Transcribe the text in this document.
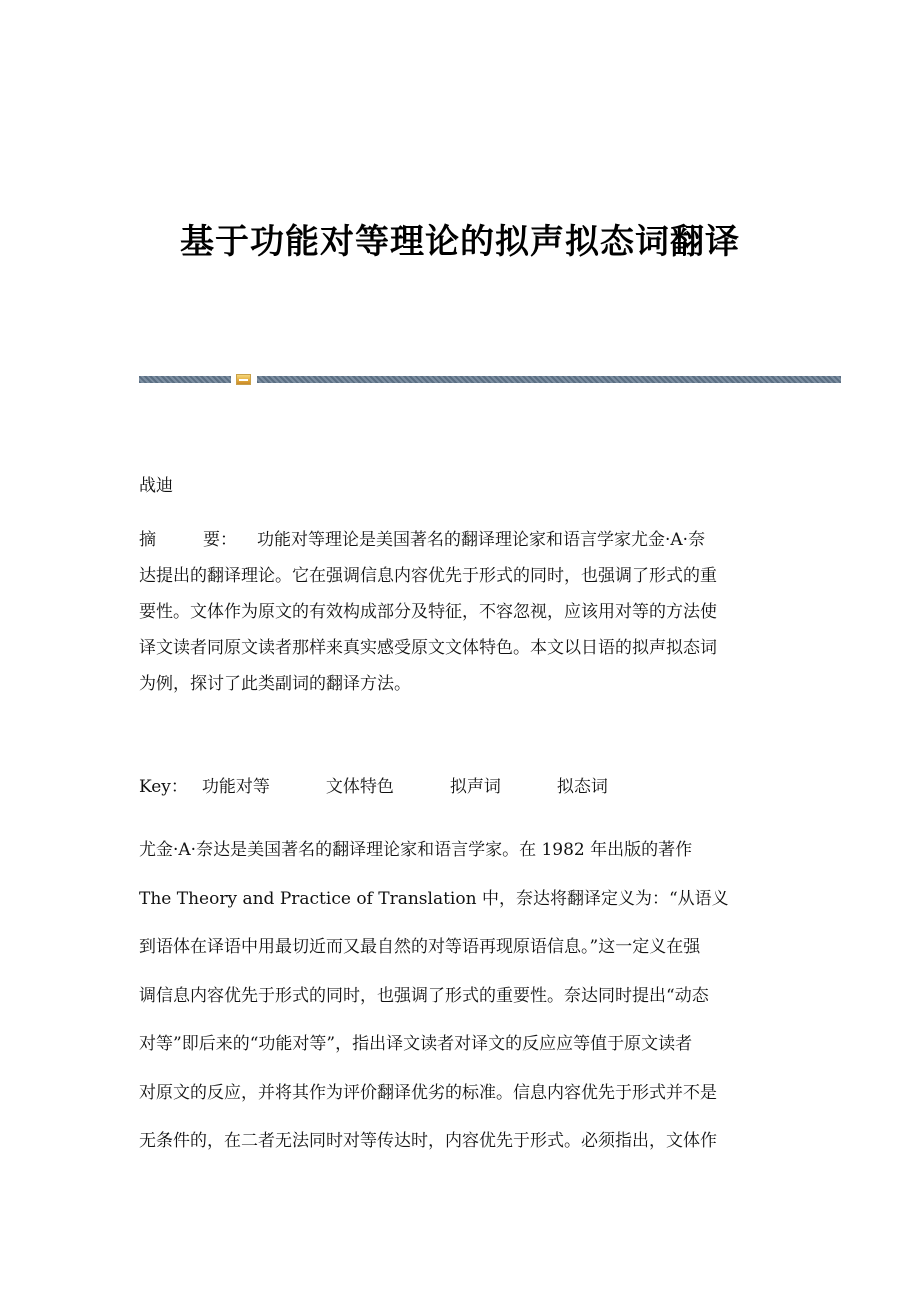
基于功能对等理论的拟声拟态词翻译

战迪

摘	要： 功能对等理论是美国著名的翻译理论家和语言学家尤金·A·奈
达提出的翻译理论。它在强调信息内容优先于形式的同时，也强调了形式的重
要性。文体作为原文的有效构成部分及特征，不容忽视，应该用对等的方法使
译文读者同原文读者那样来真实感受原文文体特色。本文以日语的拟声拟态词
为例，探讨了此类副词的翻译方法。
Key： 功能对等	文体特色	拟声词	拟态词
尤金·A·奈达是美国著名的翻译理论家和语言学家。在 1982 年出版的著作
The Theory and Practice of Translation 中，奈达将翻译定义为：“从语义
到语体在译语中用最切近而又最自然的对等语再现原语信息。”这一定义在强
调信息内容优先于形式的同时，也强调了形式的重要性。奈达同时提出“动态
对等”即后来的“功能对等”，指出译文读者对译文的反应应等值于原文读者
对原文的反应，并将其作为评价翻译优劣的标准。信息内容优先于形式并不是
无条件的，在二者无法同时对等传达时，内容优先于形式。必须指出，文体作
